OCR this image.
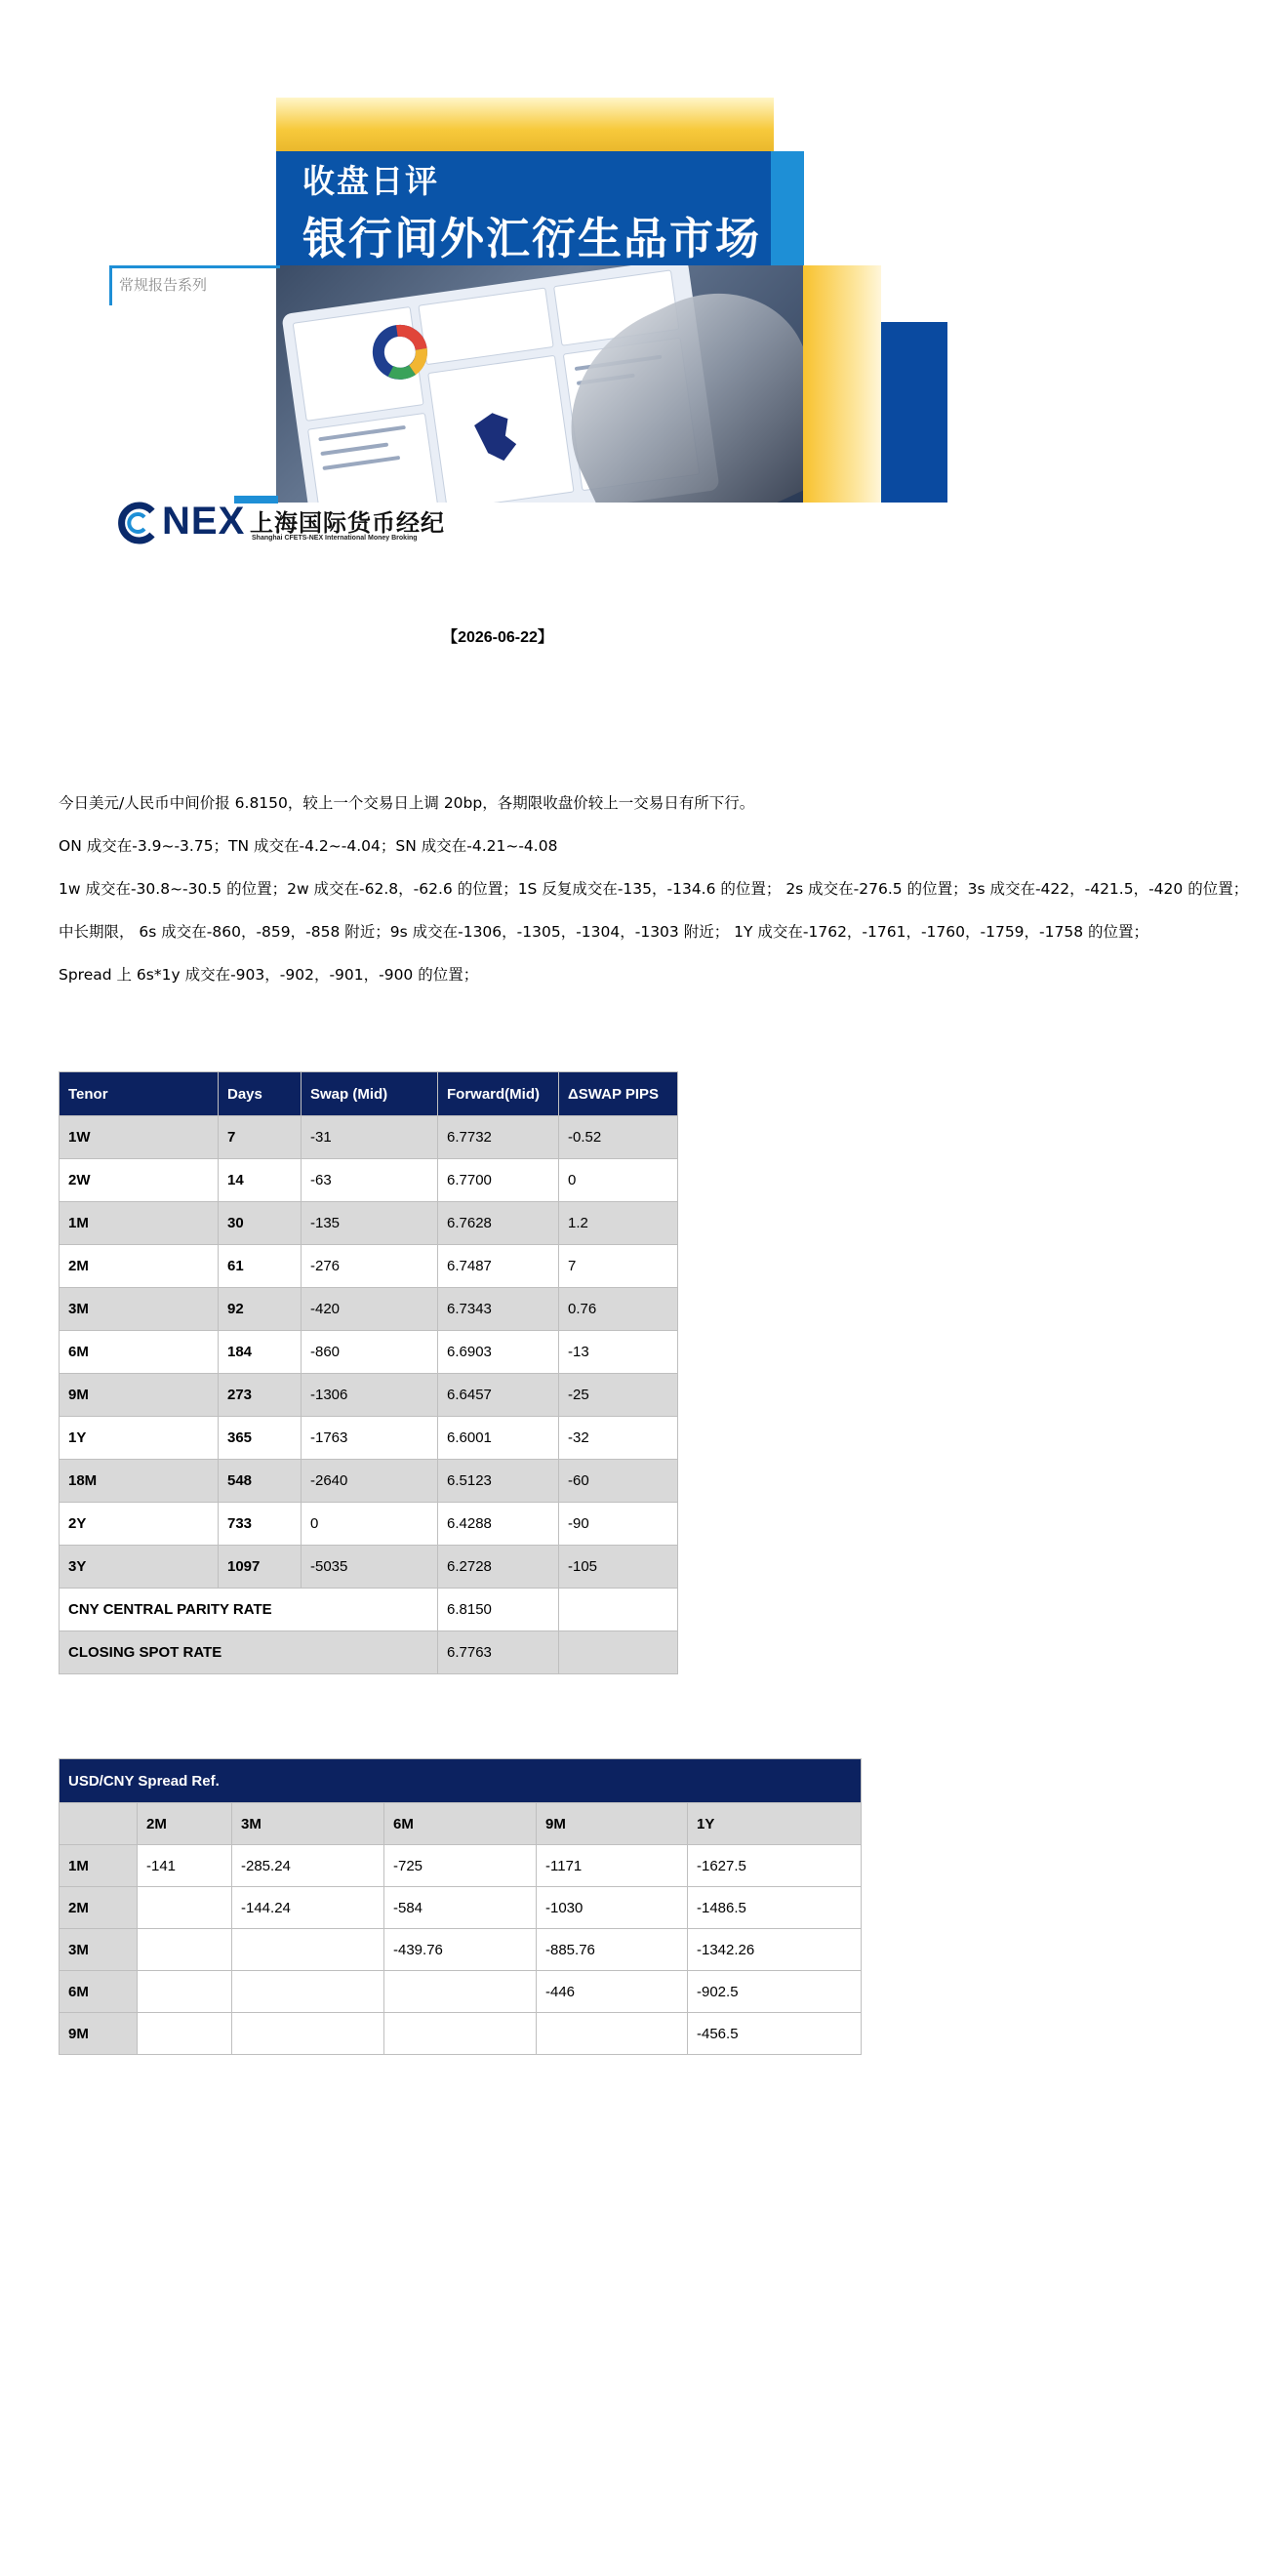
常规报告系列
收盘日评
银行间外汇衍生品市场
NEX 上海国际货币经纪
Shanghai CFETS-NEX International Money Broking
【2026-06-22】

今日美元/人民币中间价报 6.8150，较上一个交易日上调 20bp，各期限收盘价较上一交易日有所下行。

ON 成交在-3.9~-3.75；TN 成交在-4.2~-4.04；SN 成交在-4.21~-4.08

1w 成交在-30.8~-30.5 的位置；2w 成交在-62.8，-62.6 的位置；1S 反复成交在-135，-134.6 的位置； 2s 成交在-276.5 的位置；3s 成交在-422，-421.5，-420 的位置；

中长期限， 6s 成交在-860，-859，-858 附近；9s 成交在-1306，-1305，-1304，-1303 附近； 1Y 成交在-1762，-1761，-1760，-1759，-1758 的位置；

Spread 上 6s*1y 成交在-903，-902，-901，-900 的位置；

Tenor	Days	Swap (Mid)	Forward(Mid)	ΔSWAP PIPS
1W	7	-31	6.7732	-0.52
2W	14	-63	6.7700	0
1M	30	-135	6.7628	1.2
2M	61	-276	6.7487	7
3M	92	-420	6.7343	0.76
6M	184	-860	6.6903	-13
9M	273	-1306	6.6457	-25
1Y	365	-1763	6.6001	-32
18M	548	-2640	6.5123	-60
2Y	733	0	6.4288	-90
3Y	1097	-5035	6.2728	-105
CNY CENTRAL PARITY RATE			6.8150	
CLOSING SPOT RATE			6.7763	
USD/CNY Spread Ref.					
	2M	3M	6M	9M	1Y
1M	-141	-285.24	-725	-1171	-1627.5
2M		-144.24	-584	-1030	-1486.5
3M			-439.76	-885.76	-1342.26
6M				-446	-902.5
9M					-456.5
